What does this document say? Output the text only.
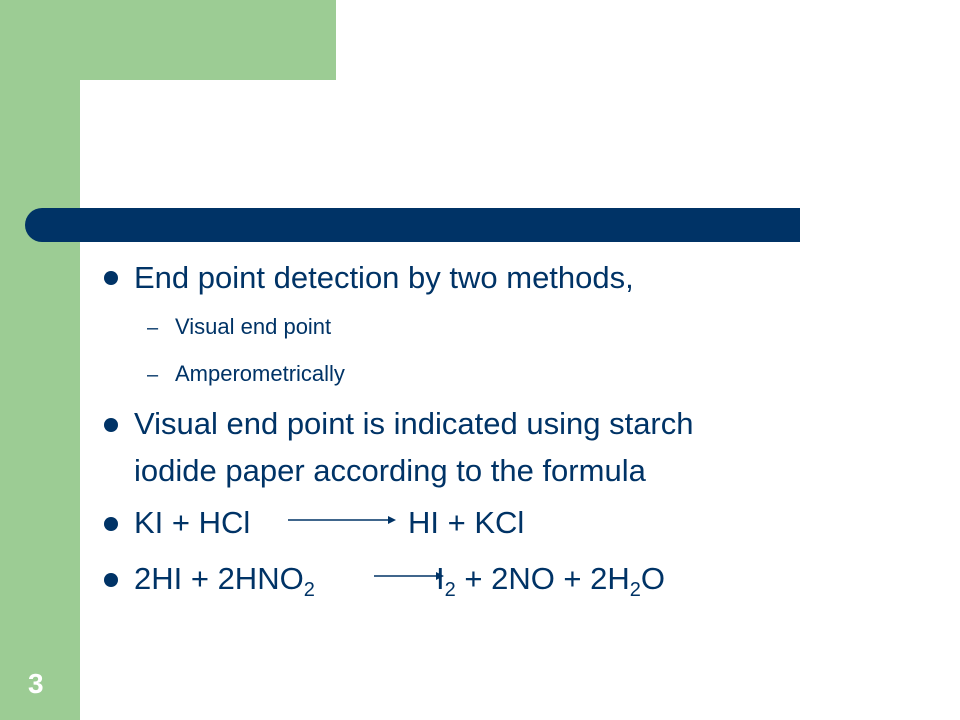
3
End point detection by two methods,
– Visual end point
– Amperometrically
Visual end point is indicated using starch
iodide paper according to the formula
KI + HCl	HI + KCl
$2HI + 2HNO_2$	$I_2 + 2NO + 2H_2O$
